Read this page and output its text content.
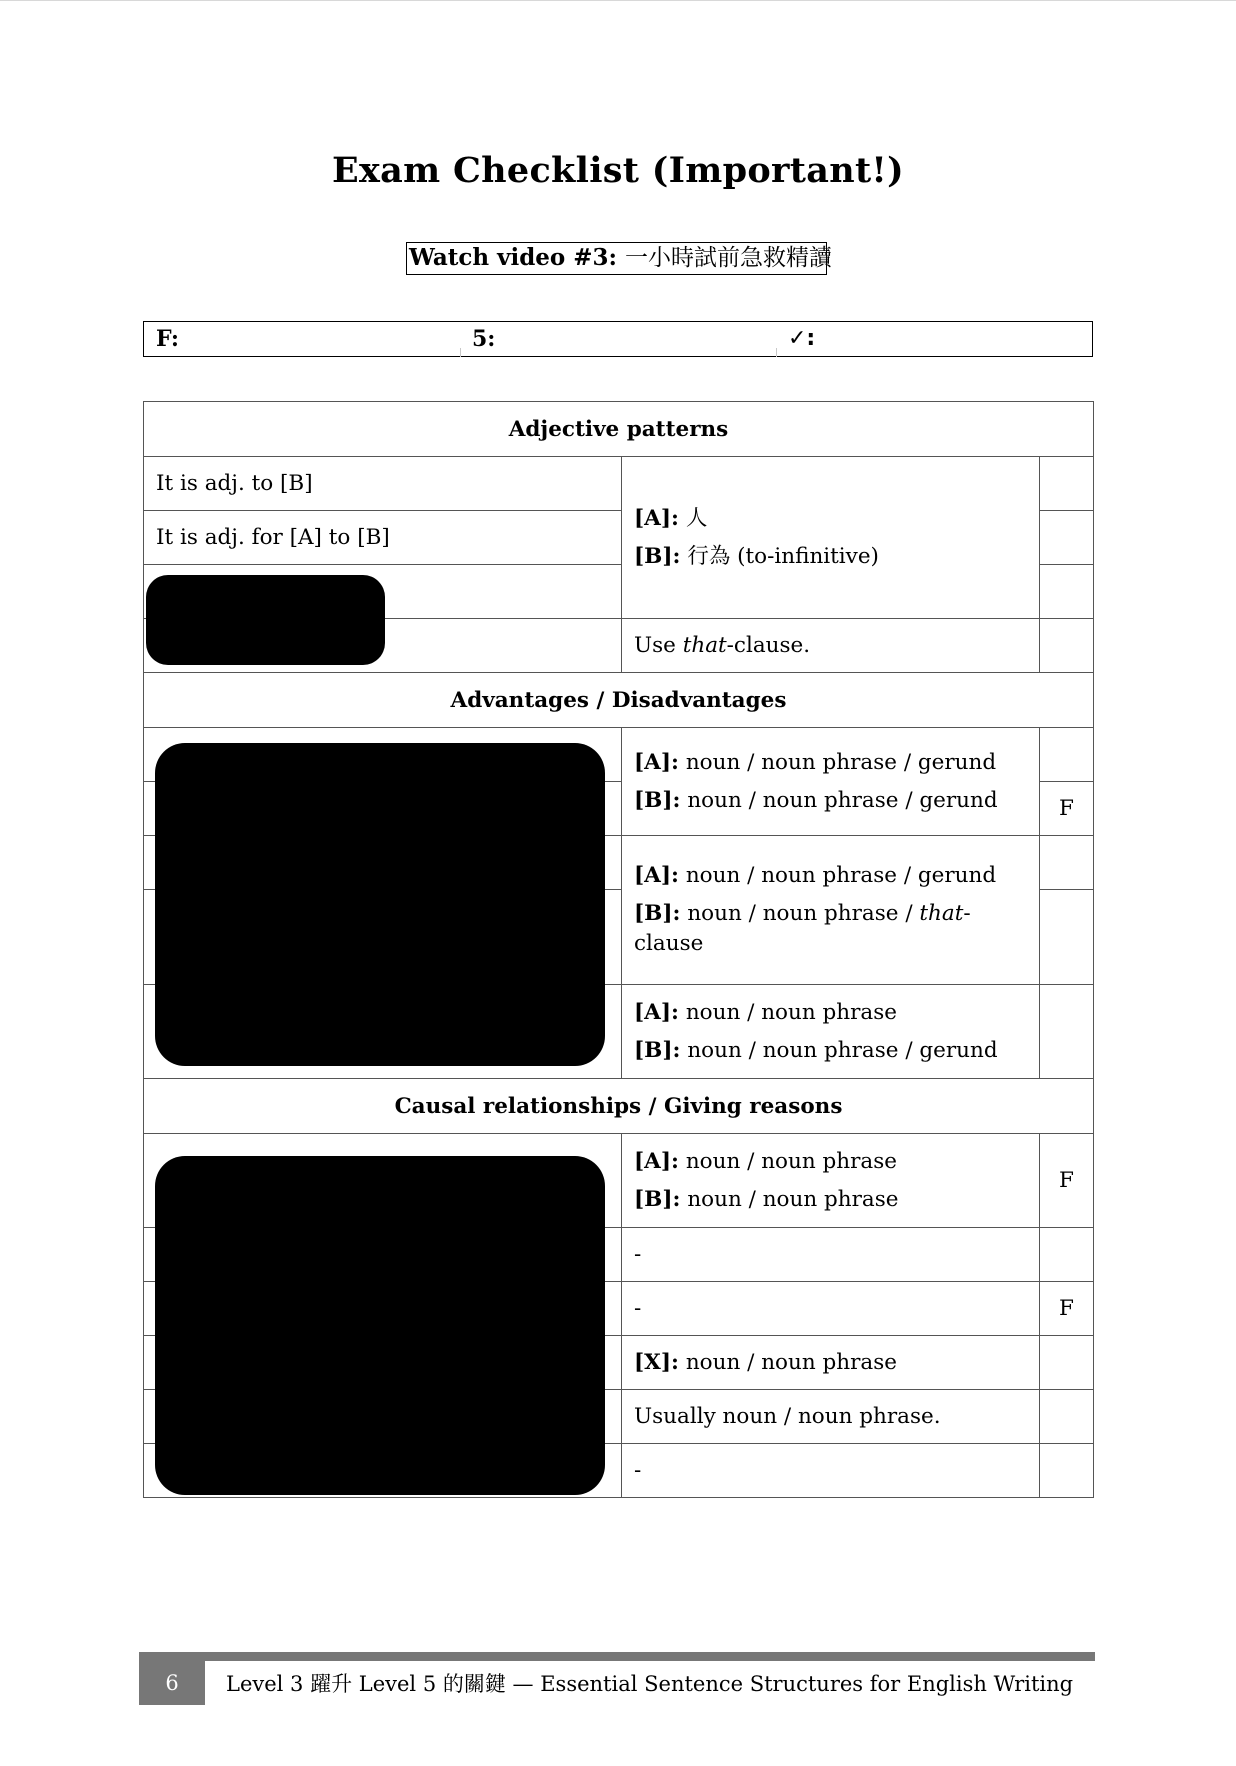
Exam Checklist (Important!)
Watch video #3: 一小時試前急救精讀
F:	5:	✓:
Adjective patterns		
It is adj. to [B]	[A]: 人
[B]: 行為 (to-infinitive)	

It is adj. for [A] to [B]		

	Use that-clause.	
Advantages / Disadvantages		

	[A]: noun / noun phrase / gerund
[B]: noun / noun phrase / gerund	

		F

	[A]: noun / noun phrase / gerund
[B]: noun / noun phrase / that-clause	

	[A]: noun / noun phrase
[B]: noun / noun phrase / gerund	

Causal relationships / Giving reasons		

	[A]: noun / noun phrase
[B]: noun / noun phrase	F
	-	
	-	F
	[X]: noun / noun phrase	
	Usually noun / noun phrase.	
	-	
6	Level 3 躍升 Level 5 的關鍵 — Essential Sentence Structures for English Writing
